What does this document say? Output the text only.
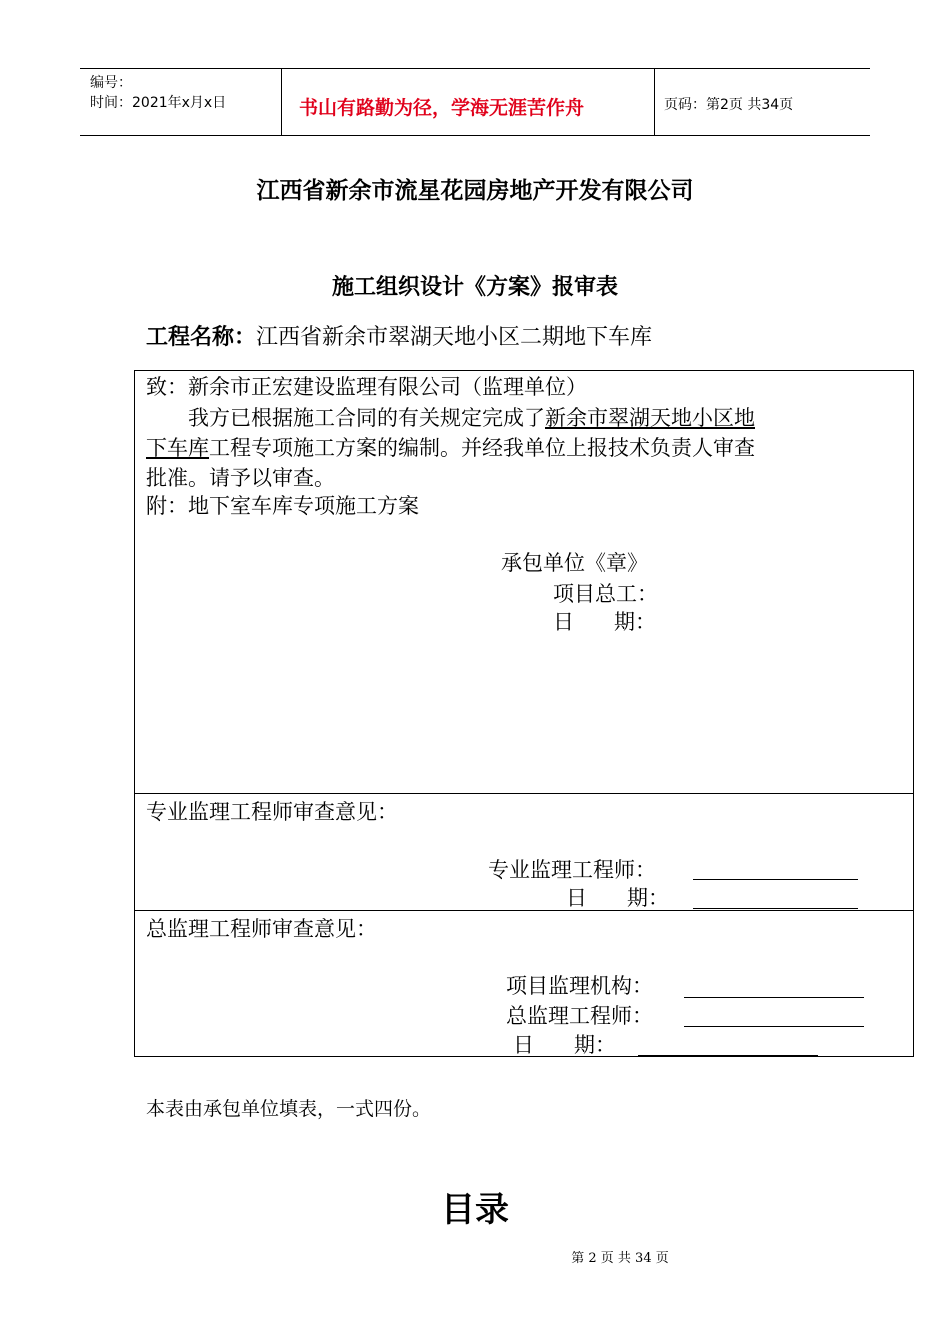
编号：
时间：2021年x月x日	书山有路勤为径，学海无涯苦作舟	页码：第2页 共34页
江西省新余市流星花园房地产开发有限公司
施工组织设计《方案》报审表
工程名称：江西省新余市翠湖天地小区二期地下车库
致：新余市正宏建设监理有限公司（监理单位）
我方已根据施工合同的有关规定完成了新余市翠湖天地小区地
下车库工程专项施工方案的编制。并经我单位上报技术负责人审查
批准。请予以审查。
附：地下室车库专项施工方案
承包单位《章》
项目总工：
日      期：
专业监理工程师审查意见：
专业监理工程师：
日      期：
总监理工程师审查意见：
项目监理机构：
总监理工程师：
日      期：
本表由承包单位填表，一式四份。
目录
第 2 页 共 34 页
